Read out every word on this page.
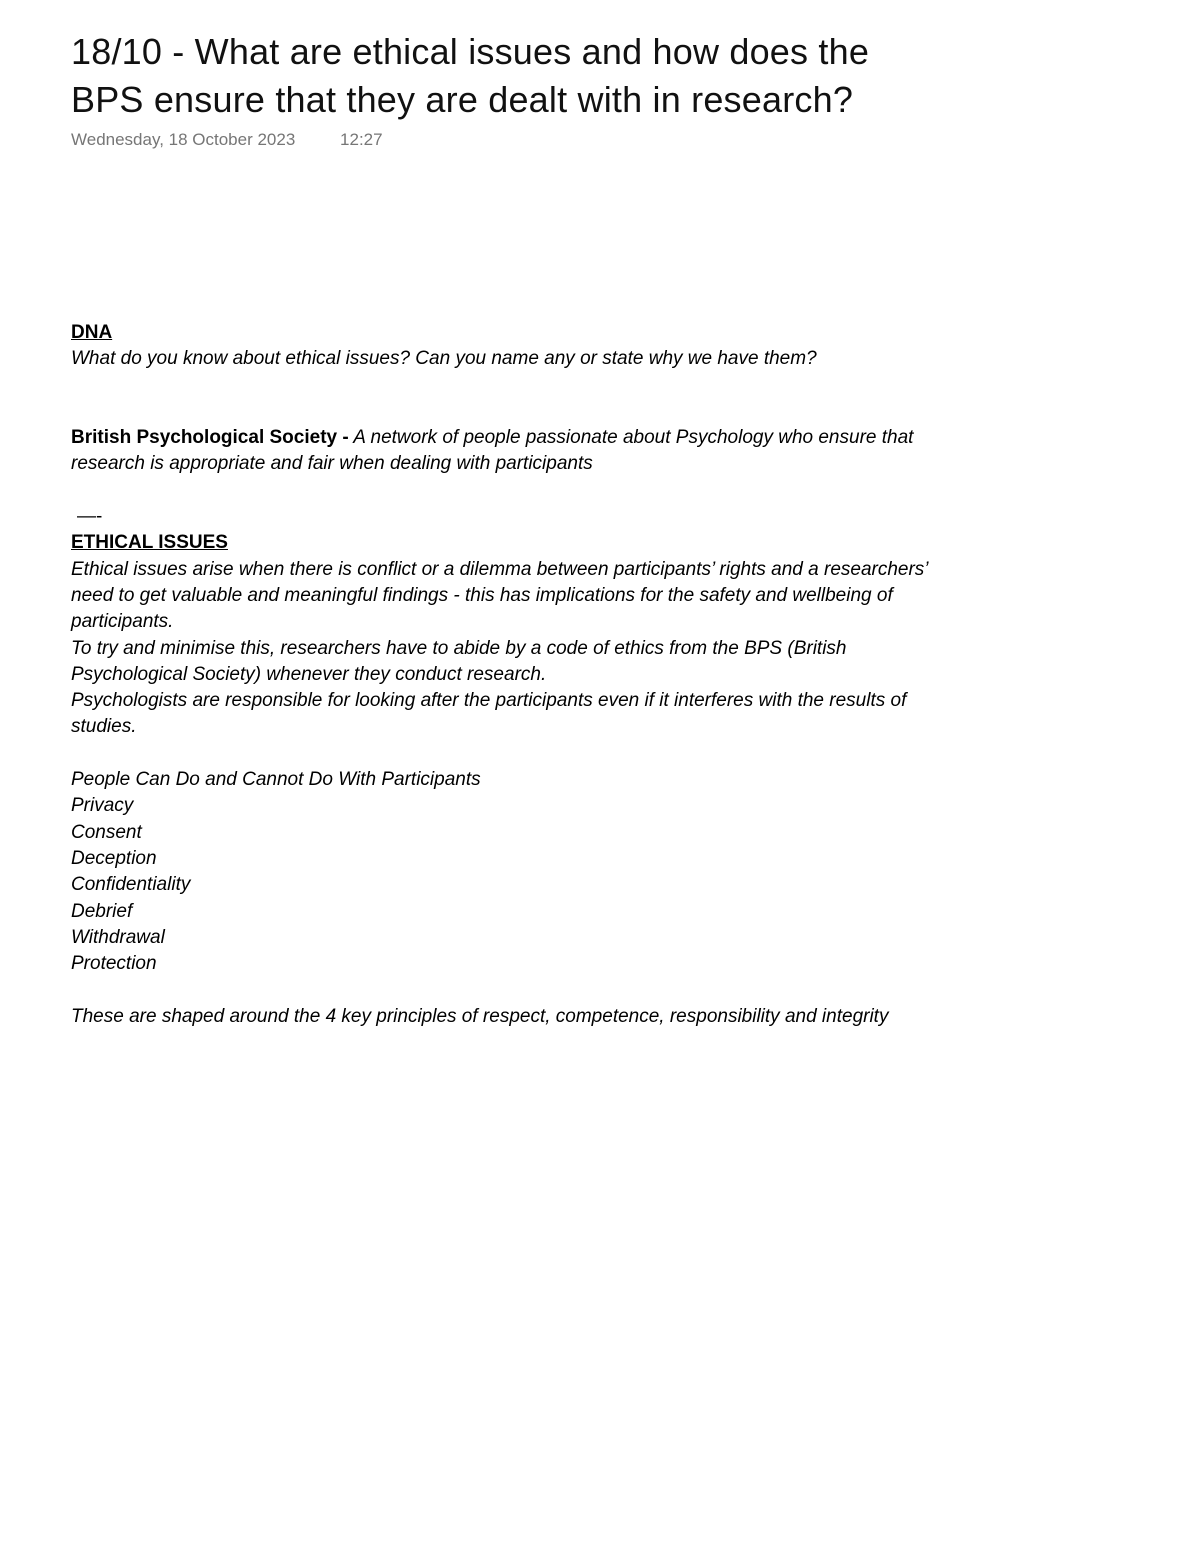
18/10 - What are ethical issues and how does the BPS ensure that they are dealt with in research?
Wednesday, 18 October 2023	12:27

DNA

What do you know about ethical issues? Can you name any or state why we have them?

British Psychological Society - A network of people passionate about Psychology who ensure that research is appropriate and fair when dealing with participants

—-

ETHICAL ISSUES

Ethical issues arise when there is conflict or a dilemma between participants’ rights and a researchers’ need to get valuable and meaningful findings - this has implications for the safety and wellbeing of participants.

To try and minimise this, researchers have to abide by a code of ethics from the BPS (British Psychological Society) whenever they conduct research.

Psychologists are responsible for looking after the participants even if it interferes with the results of studies.

People Can Do and Cannot Do With Participants

Privacy
Consent
Deception
Confidentiality
Debrief
Withdrawal
Protection

These are shaped around the 4 key principles of respect, competence, responsibility and integrity
